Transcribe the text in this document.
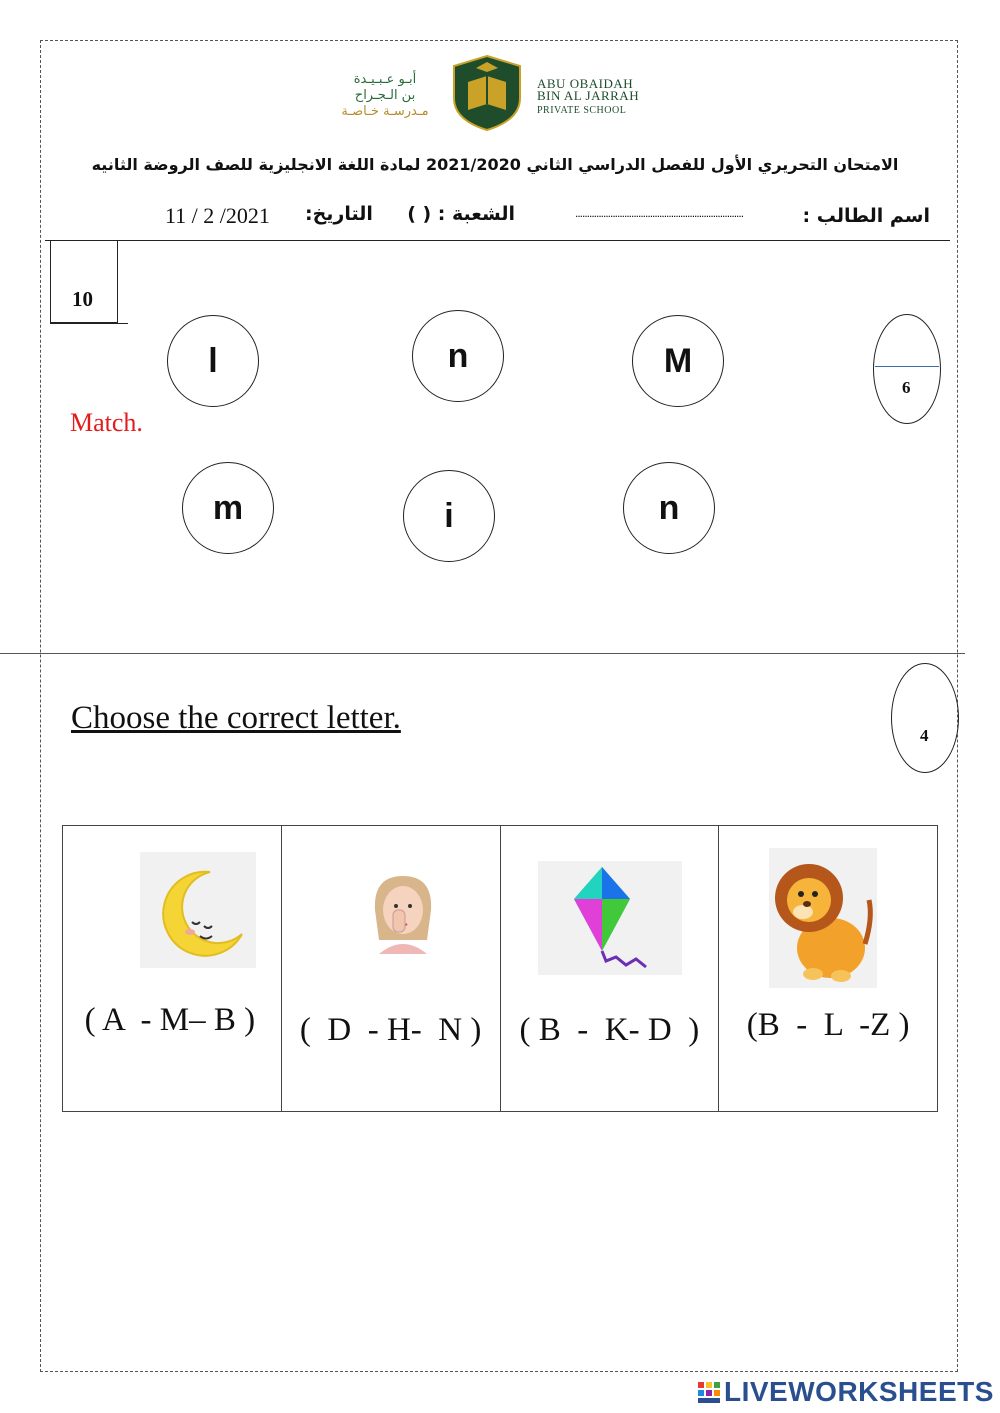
أبـو عـبـيـدة
بن الـجـراح
مـدرسـة خـاصـة
ABU OBAIDAH
BIN AL JARRAH
PRIVATE SCHOOL
الامتحان التحريري الأول للفصل الدراسي الثاني 2021/2020 لمادة اللغة الانجليزية للصف الروضة الثانيه
اسم الطالب :
........................................................................
الشعبة : ( )
التاريخ:
11 / 2 /2021
10
Match.
l	n	M
m	i	n
6
Choose the correct letter.	4
( A  - M– B )	(  D  - H-  N )	( B  -  K- D  )	(B  -  L  -Z )
LIVEWORKSHEETS
